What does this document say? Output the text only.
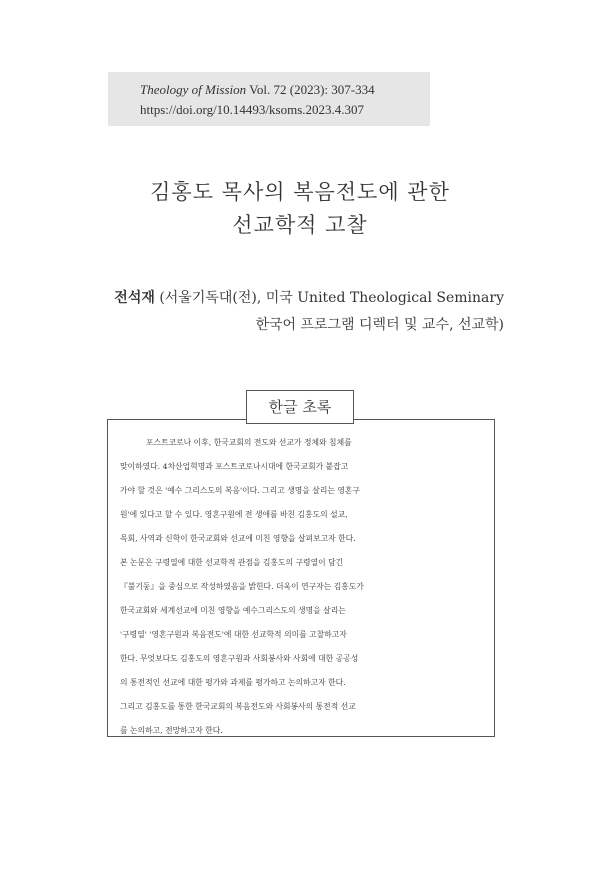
Theology of Mission Vol. 72 (2023): 307-334
https://doi.org/10.14493/ksoms.2023.4.307
김홍도 목사의 복음전도에 관한
선교학적 고찰
전석재 (서울기독대(전), 미국 United Theological Seminary
한국어 프로그램 디렉터 및 교수, 선교학)
한글 초록
포스트코로나 이후, 한국교회의 전도와 선교가 정체와 침체를
맞이하였다. 4차산업혁명과 포스트코로나시대에 한국교회가 붙잡고
가야 할 것은 '예수 그리스도의 복음'이다. 그리고 생명을 살리는 영혼구
원'에 있다고 할 수 있다. 영혼구원에 전 생애를 바친 김홍도의 설교,
목회, 사역과 신학이 한국교회와 선교에 미친 영향을 살펴보고자 한다.
본 논문은 구령열에 대한 선교학적 관점을 김홍도의 구령열이 담긴
『불기둥』을 중심으로 작성하였음을 밝힌다. 더욱이 연구자는 김홍도가
한국교회와 세계선교에 미친 영향을 예수그리스도의 생명을 살리는
'구령열' '영혼구원과 복음전도'에 대한 선교학적 의미를 고찰하고자
한다. 무엇보다도 김홍도의 영혼구원과 사회봉사와 사회에 대한 공공성
의 통전적인 선교에 대한 평가와 과제를 평가하고 논의하고자 한다.
그리고 김홍도를 통한 한국교회의 복음전도와 사회봉사의 통전적 선교
를 논의하고, 전망하고자 한다.
